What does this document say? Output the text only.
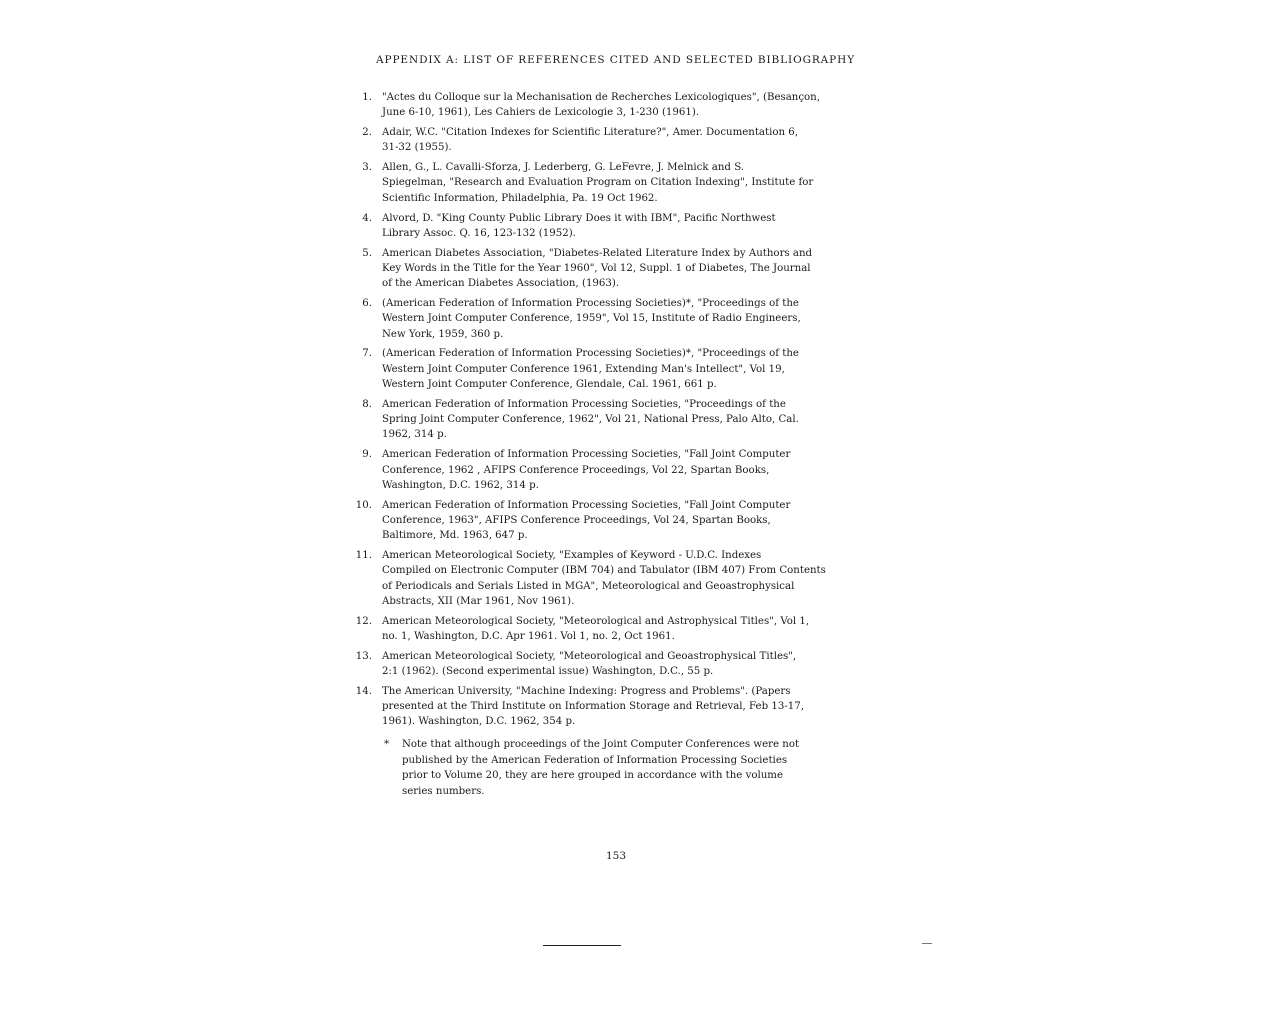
APPENDIX A: LIST OF REFERENCES CITED AND SELECTED BIBLIOGRAPHY
1. "Actes du Colloque sur la Mechanisation de Recherches Lexicologiques", (Besançon,
June 6-10, 1961), Les Cahiers de Lexicologie 3, 1-230 (1961).
2. Adair, W.C. "Citation Indexes for Scientific Literature?", Amer. Documentation 6,
31-32 (1955).
3. Allen, G., L. Cavalli-Sforza, J. Lederberg, G. LeFevre, J. Melnick and S.
Spiegelman, "Research and Evaluation Program on Citation Indexing", Institute for
Scientific Information, Philadelphia, Pa. 19 Oct 1962.
4. Alvord, D. "King County Public Library Does it with IBM", Pacific Northwest
Library Assoc. Q. 16, 123-132 (1952).
5. American Diabetes Association, "Diabetes-Related Literature Index by Authors and
Key Words in the Title for the Year 1960", Vol 12, Suppl. 1 of Diabetes, The Journal
of the American Diabetes Association, (1963).
6. (American Federation of Information Processing Societies)*, "Proceedings of the
Western Joint Computer Conference, 1959", Vol 15, Institute of Radio Engineers,
New York, 1959, 360 p.
7. (American Federation of Information Processing Societies)*, "Proceedings of the
Western Joint Computer Conference 1961, Extending Man's Intellect", Vol 19,
Western Joint Computer Conference, Glendale, Cal. 1961, 661 p.
8. American Federation of Information Processing Societies, "Proceedings of the
Spring Joint Computer Conference, 1962", Vol 21, National Press, Palo Alto, Cal.
1962, 314 p.
9. American Federation of Information Processing Societies, "Fall Joint Computer
Conference, 1962 , AFIPS Conference Proceedings, Vol 22, Spartan Books,
Washington, D.C. 1962, 314 p.
10. American Federation of Information Processing Societies, "Fall Joint Computer
Conference, 1963", AFIPS Conference Proceedings, Vol 24, Spartan Books,
Baltimore, Md. 1963, 647 p.
11. American Meteorological Society, "Examples of Keyword - U.D.C. Indexes
Compiled on Electronic Computer (IBM 704) and Tabulator (IBM 407) From Contents
of Periodicals and Serials Listed in MGA", Meteorological and Geoastrophysical
Abstracts, XII (Mar 1961, Nov 1961).
12. American Meteorological Society, "Meteorological and Astrophysical Titles", Vol 1,
no. 1, Washington, D.C. Apr 1961. Vol 1, no. 2, Oct 1961.
13. American Meteorological Society, "Meteorological and Geoastrophysical Titles",
2:1 (1962). (Second experimental issue) Washington, D.C., 55 p.
14. The American University, "Machine Indexing: Progress and Problems". (Papers
presented at the Third Institute on Information Storage and Retrieval, Feb 13-17,
1961). Washington, D.C. 1962, 354 p.
* Note that although proceedings of the Joint Computer Conferences were not
published by the American Federation of Information Processing Societies
prior to Volume 20, they are here grouped in accordance with the volume
series numbers.
153
